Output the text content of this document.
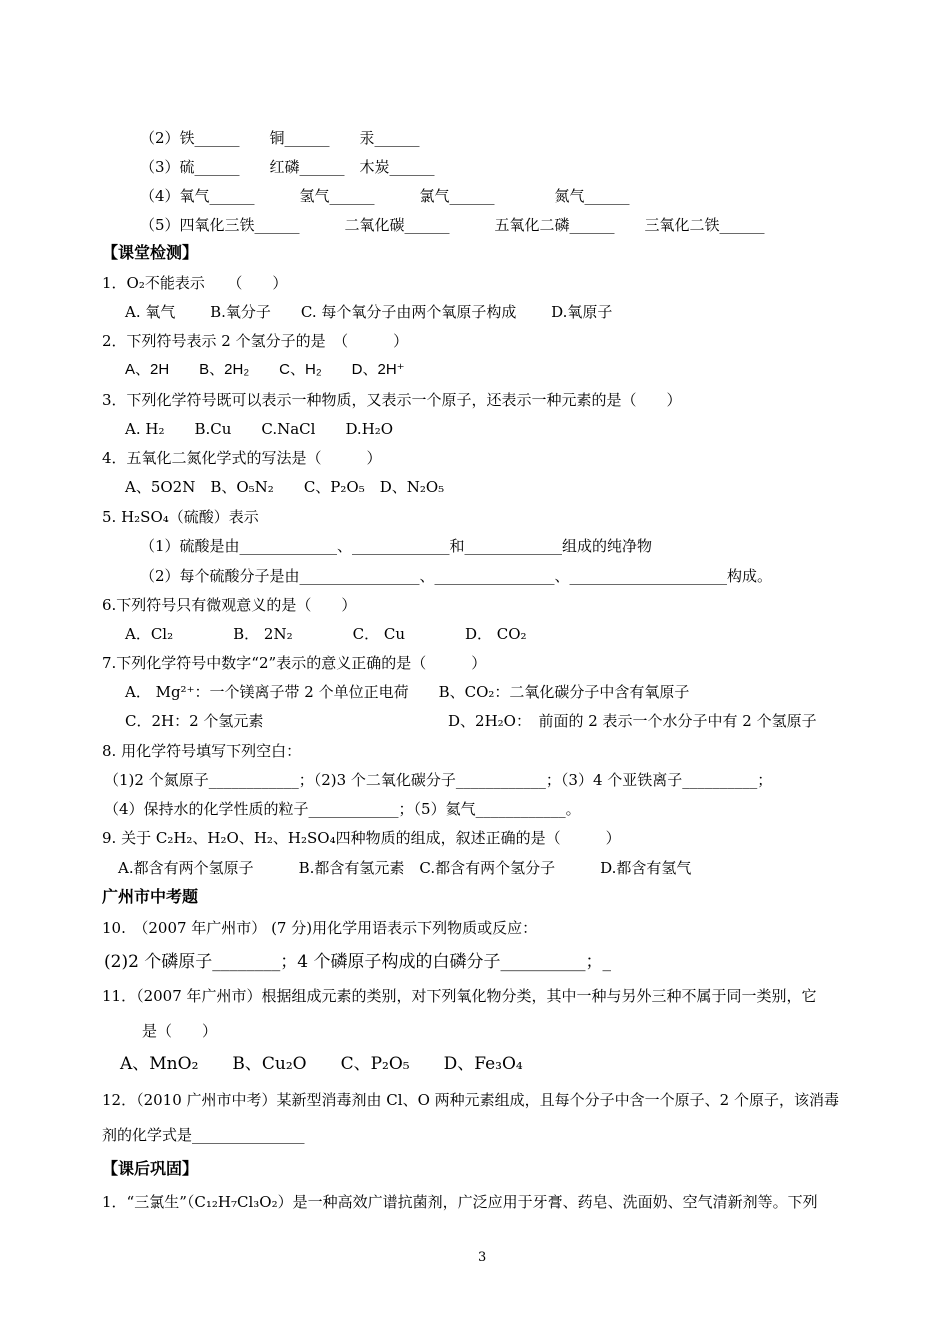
（2）铁______　　铜______　　汞______
（3）硫______　　红磷______　木炭______
（4）氧气______　　　氢气______　　　氯气______　　　　氮气______
（5）四氧化三铁______　　　二氧化碳______　　　五氧化二磷______　　三氧化二铁______
【课堂检测】
1．O₂不能表示　　（　　）
A. 氧气　　 B.氧分子　　C. 每个氧分子由两个氧原子构成　　 D.氧原子
2．下列符号表示 2 个氢分子的是　（　　　）
A、2H　　B、2H₂　　C、H₂　　D、2H⁺
3．下列化学符号既可以表示一种物质，又表示一个原子，还表示一种元素的是（　　）
A. H₂　　B.Cu　　C.NaCl　　D.H₂O
4．五氧化二氮化学式的写法是（　　　）
A、5O2N　B、O₅N₂　　C、P₂O₅　D、N₂O₅
5. H₂SO₄（硫酸）表示
（1）硫酸是由_____________、_____________和_____________组成的纯净物
（2）每个硫酸分子是由________________、________________、_____________________构成。
6.下列符号只有微观意义的是（　　）
A．Cl₂　　　　B． 2N₂　　　　C． Cu　　　　D． CO₂
7.下列化学符号中数字“2”表示的意义正确的是（　　　）
A． Mg²⁺：一个镁离子带 2 个单位正电荷　　B、CO₂：二氧化碳分子中含有氧原子
C．2H：2 个氢元素	D、2H₂O：　前面的 2 表示一个水分子中有 2 个氢原子
8. 用化学符号填写下列空白：
（1)2 个氮原子____________；（2)3 个二氧化碳分子____________；（3）4 个亚铁离子__________；
（4）保持水的化学性质的粒子____________；（5）氦气____________。
9. 关于 C₂H₂、H₂O、H₂、H₂SO₄四种物质的组成，叙述正确的是（　　　）
A.都含有两个氢原子　　　B.都含有氢元素　C.都含有两个氢分子　　　D.都含有氢气
广州市中考题
10.　（2007 年广州市） (7 分)用化学用语表示下列物质或反应：
(2)2 个磷原子________；4 个磷原子构成的白磷分子__________；_
11．（2007 年广州市）根据组成元素的类别，对下列氧化物分类，其中一种与另外三种不属于同一类别，它
是（　　）
A、MnO₂　　B、Cu₂O　　C、P₂O₅　　D、Fe₃O₄
12．（2010 广州市中考）某新型消毒剂由 Cl、O 两种元素组成，且每个分子中含一个原子、2 个原子，该消毒
剂的化学式是_______________
【课后巩固】
1．“三氯生”（C₁₂H₇Cl₃O₂）是一种高效广谱抗菌剂，广泛应用于牙膏、药皂、洗面奶、空气清新剂等。下列
3
